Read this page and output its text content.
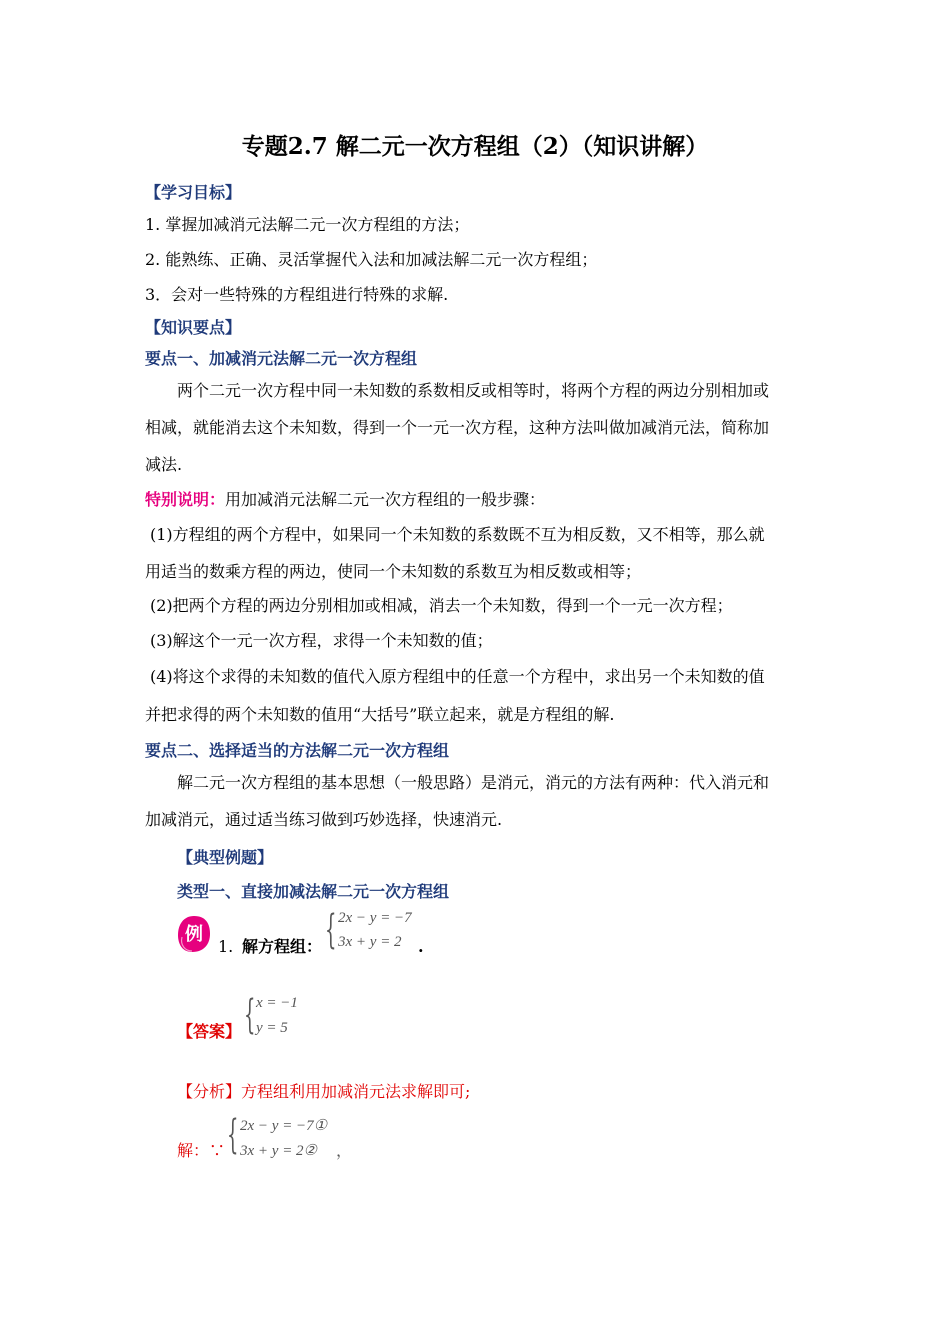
专题2.7 解二元一次方程组（2）（知识讲解）
【学习目标】
1. 掌握加减消元法解二元一次方程组的方法；
2. 能熟练、正确、灵活掌握代入法和加减法解二元一次方程组；
3．会对一些特殊的方程组进行特殊的求解.
【知识要点】
要点一、加减消元法解二元一次方程组
两个二元一次方程中同一未知数的系数相反或相等时，将两个方程的两边分别相加或
相减，就能消去这个未知数，得到一个一元一次方程，这种方法叫做加减消元法，简称加
减法.
特别说明：用加减消元法解二元一次方程组的一般步骤：
(1)方程组的两个方程中，如果同一个未知数的系数既不互为相反数，又不相等，那么就
用适当的数乘方程的两边，使同一个未知数的系数互为相反数或相等；
(2)把两个方程的两边分别相加或相减，消去一个未知数，得到一个一元一次方程；
(3)解这个一元一次方程，求得一个未知数的值；
(4)将这个求得的未知数的值代入原方程组中的任意一个方程中，求出另一个未知数的值
并把求得的两个未知数的值用“大括号”联立起来，就是方程组的解.
要点二、选择适当的方法解二元一次方程组
解二元一次方程组的基本思想（一般思路）是消元，消元的方法有两种：代入消元和
加减消元，通过适当练习做到巧妙选择，快速消元.
【典型例题】
类型一、直接加减法解二元一次方程组
例
1. 解方程组： { 2x − y = −7
3x + y = 2 .
【答案】 { x = −1
y = 5
【分析】方程组利用加减消元法求解即可;
解：∵ { 2x − y = −7①
3x + y = 2② ，
